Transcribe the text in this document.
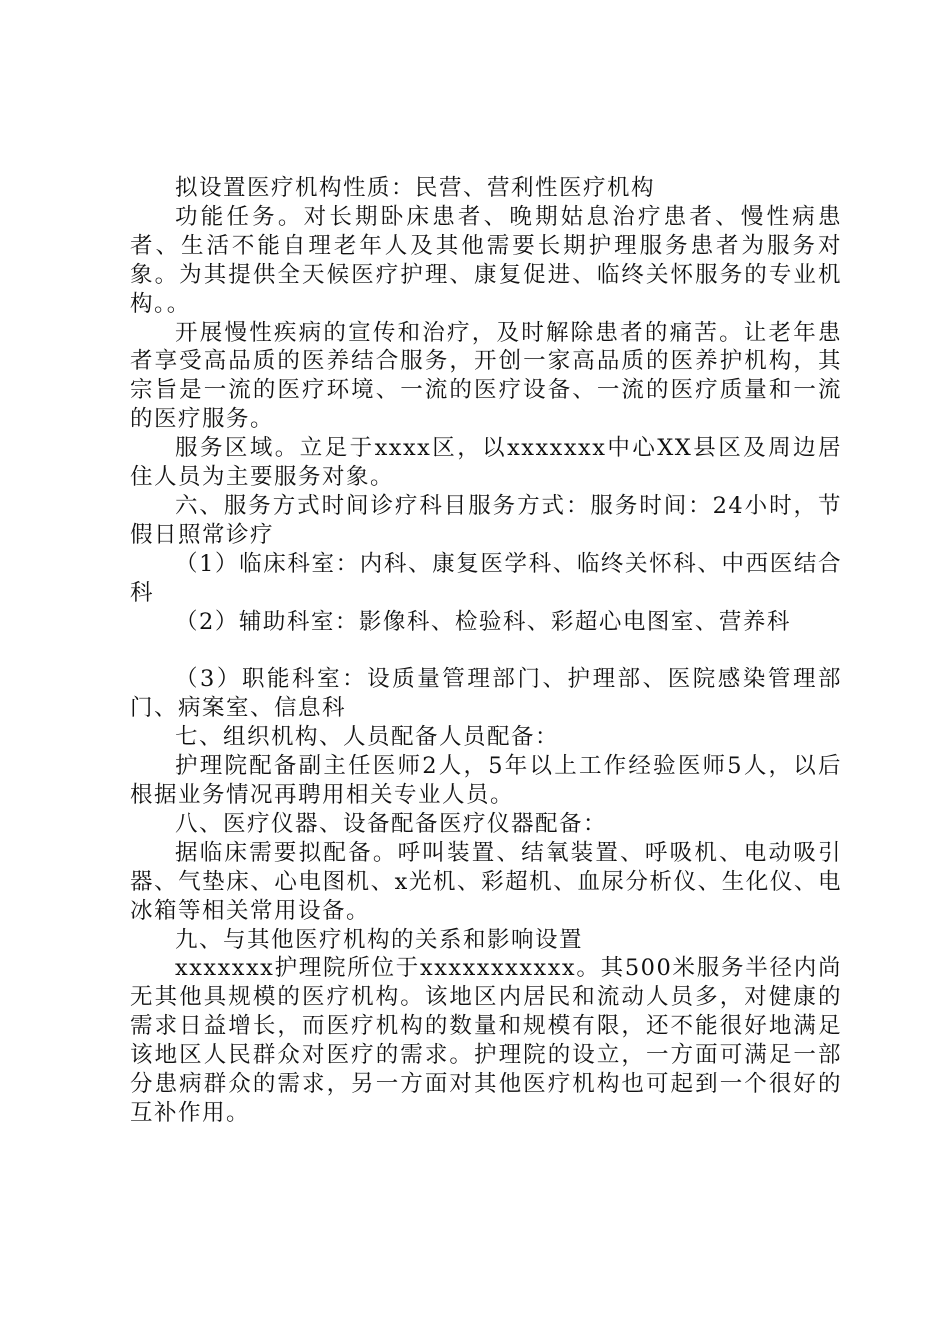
拟设置医疗机构性质：民营、营利性医疗机构

功能任务。对长期卧床患者、晚期姑息治疗患者、慢性病患者、生活不能自理老年人及其他需要长期护理服务患者为服务对象。为其提供全天候医疗护理、康复促进、临终关怀服务的专业机构。。

开展慢性疾病的宣传和治疗，及时解除患者的痛苦。让老年患者享受高品质的医养结合服务，开创一家高品质的医养护机构，其宗旨是一流的医疗环境、一流的医疗设备、一流的医疗质量和一流的医疗服务。

服务区域。立足于xxxx区，以xxxxxxx中心XX县区及周边居住人员为主要服务对象。

六、服务方式时间诊疗科目服务方式：服务时间：24小时，节假日照常诊疗

（1）临床科室：内科、康复医学科、临终关怀科、中西医结合科

（2）辅助科室：影像科、检验科、彩超心电图室、营养科

（3）职能科室：设质量管理部门、护理部、医院感染管理部门、病案室、信息科

七、组织机构、人员配备人员配备：

护理院配备副主任医师2人，5年以上工作经验医师5人，以后根据业务情况再聘用相关专业人员。

八、医疗仪器、设备配备医疗仪器配备：

据临床需要拟配备。呼叫装置、结氧装置、呼吸机、电动吸引器、气垫床、心电图机、x光机、彩超机、血尿分析仪、生化仪、电冰箱等相关常用设备。

九、与其他医疗机构的关系和影响设置

xxxxxxx护理院所位于xxxxxxxxxxx。其500米服务半径内尚无其他具规模的医疗机构。该地区内居民和流动人员多，对健康的需求日益增长，而医疗机构的数量和规模有限，还不能很好地满足该地区人民群众对医疗的需求。护理院的设立，一方面可满足一部分患病群众的需求，另一方面对其他医疗机构也可起到一个很好的互补作用。
